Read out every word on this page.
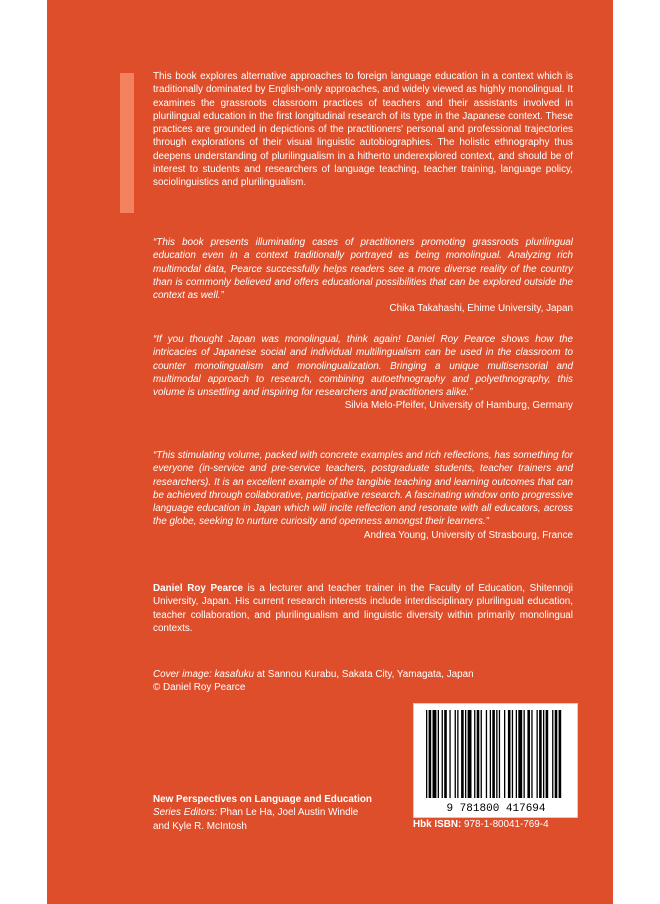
This book explores alternative approaches to foreign language education in a context which is traditionally dominated by English-only approaches, and widely viewed as highly monolingual. It examines the grassroots classroom practices of teachers and their assistants involved in plurilingual education in the first longitudinal research of its type in the Japanese context. These practices are grounded in depictions of the practitioners' personal and professional trajectories through explorations of their visual linguistic autobiographies. The holistic ethnography thus deepens understanding of plurilingualism in a hitherto underexplored context, and should be of interest to students and researchers of language teaching, teacher training, language policy, sociolinguistics and plurilingualism.

“This book presents illuminating cases of practitioners promoting grassroots plurilingual education even in a context traditionally portrayed as being monolingual. Analyzing rich multimodal data, Pearce successfully helps readers see a more diverse reality of the country than is commonly believed and offers educational possibilities that can be explored outside the context as well.”

Chika Takahashi, Ehime University, Japan

“If you thought Japan was monolingual, think again! Daniel Roy Pearce shows how the intricacies of Japanese social and individual multilingualism can be used in the classroom to counter monolingualism and monolingualization. Bringing a unique multisensorial and multimodal approach to research, combining autoethnography and polyethnography, this volume is unsettling and inspiring for researchers and practitioners alike.”

Silvia Melo-Pfeifer, University of Hamburg, Germany

“This stimulating volume, packed with concrete examples and rich reflections, has something for everyone (in-service and pre-service teachers, postgraduate students, teacher trainers and researchers). It is an excellent example of the tangible teaching and learning outcomes that can be achieved through collaborative, participative research. A fascinating window onto progressive language education in Japan which will incite reflection and resonate with all educators, across the globe, seeking to nurture curiosity and openness amongst their learners.”

Andrea Young, University of Strasbourg, France

Daniel Roy Pearce is a lecturer and teacher trainer in the Faculty of Education, Shitennoji University, Japan. His current research interests include interdisciplinary plurilingual education, teacher collaboration, and plurilingualism and linguistic diversity within primarily monolingual contexts.

Cover image: kasafuku at Sannou Kurabu, Sakata City, Yamagata, Japan
© Daniel Roy Pearce

New Perspectives on Language and Education
Series Editors: Phan Le Ha, Joel Austin Windle
and Kyle R. McIntosh

9 781800 417694

Hbk ISBN: 978-1-80041-769-4
